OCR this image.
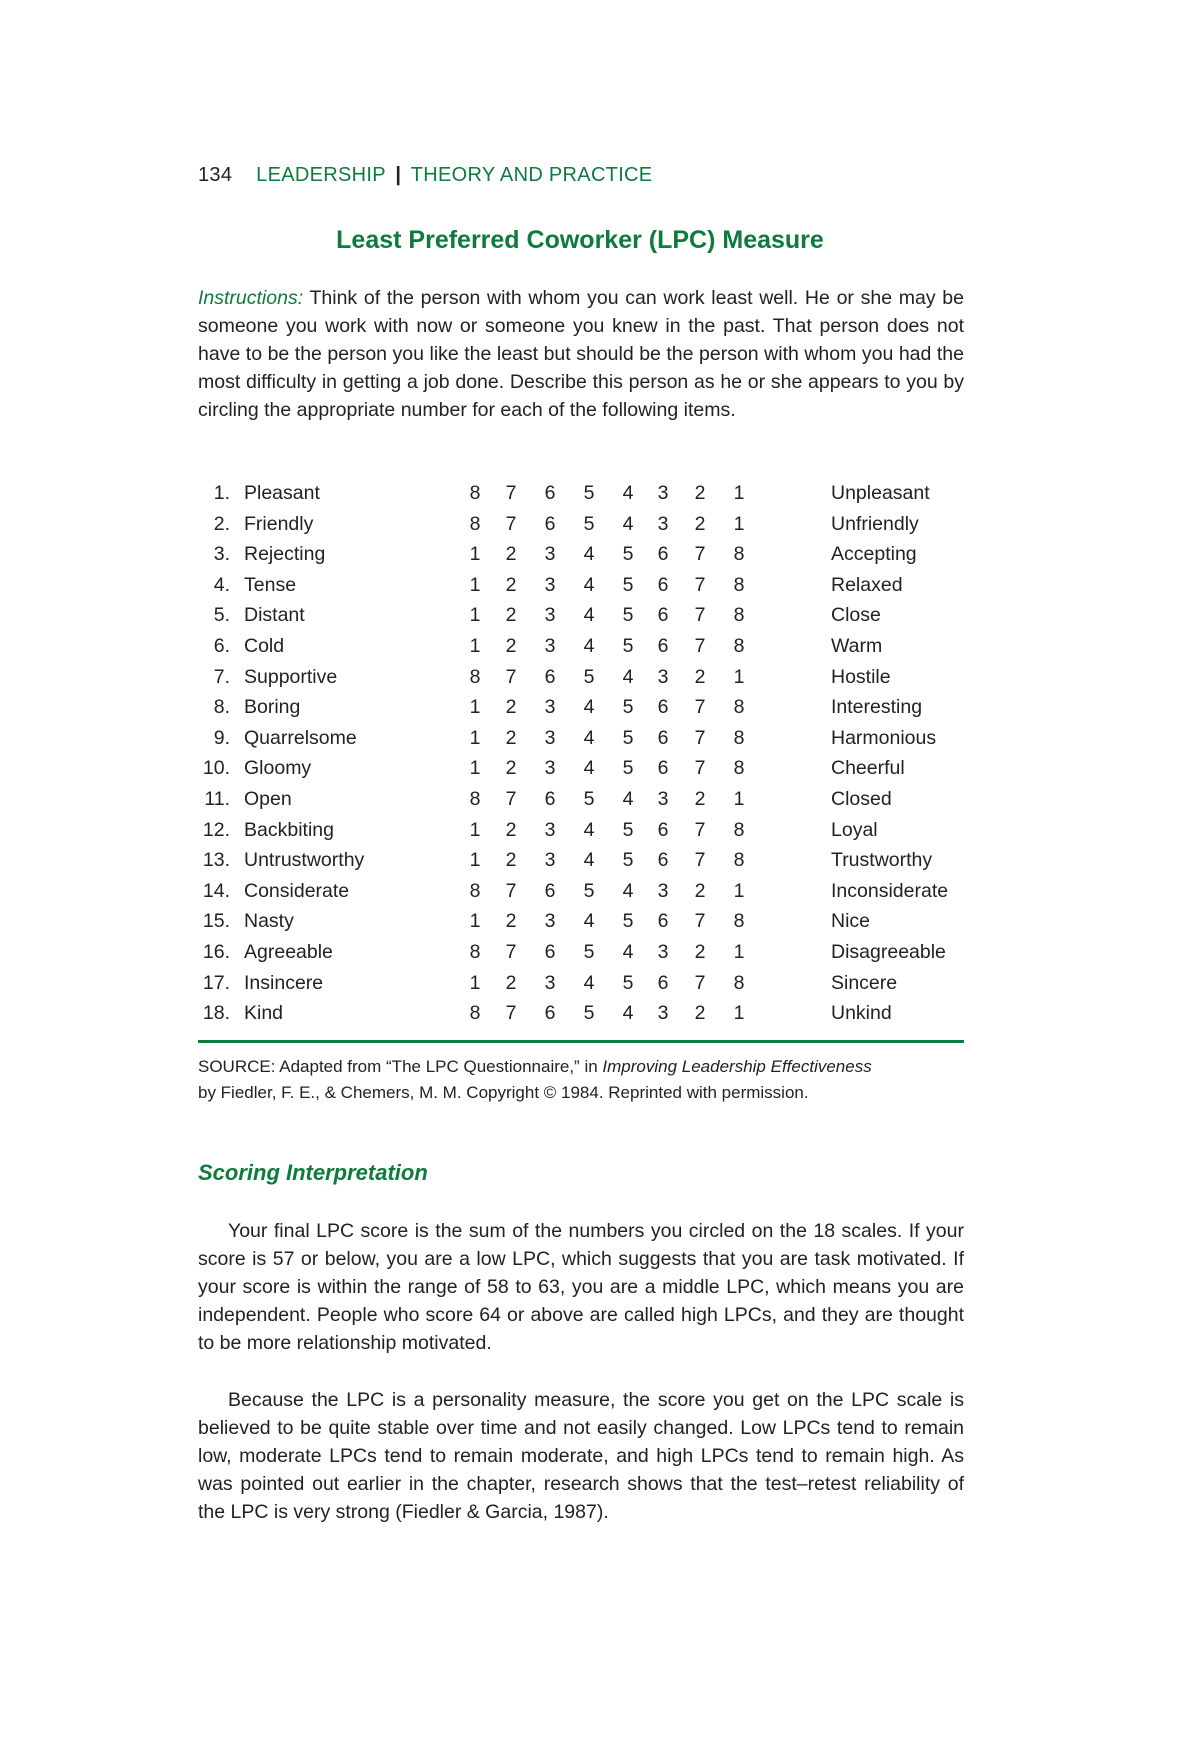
134 LEADERSHIP | THEORY AND PRACTICE
Least Preferred Coworker (LPC) Measure
Instructions: Think of the person with whom you can work least well. He or she may be someone you work with now or someone you knew in the past. That person does not have to be the person you like the least but should be the person with whom you had the most difficulty in getting a job done. Describe this person as he or she appears to you by circling the appropriate number for each of the following items.
1. Pleasant	8 7 6 5 4 3 2 1	Unpleasant
2. Friendly	8 7 6 5 4 3 2 1	Unfriendly
3. Rejecting	1 2 3 4 5 6 7 8	Accepting
4. Tense	1 2 3 4 5 6 7 8	Relaxed
5. Distant	1 2 3 4 5 6 7 8	Close
6. Cold	1 2 3 4 5 6 7 8	Warm
7. Supportive	8 7 6 5 4 3 2 1	Hostile
8. Boring	1 2 3 4 5 6 7 8	Interesting
9. Quarrelsome	1 2 3 4 5 6 7 8	Harmonious
10. Gloomy	1 2 3 4 5 6 7 8	Cheerful
11. Open	8 7 6 5 4 3 2 1	Closed
12. Backbiting	1 2 3 4 5 6 7 8	Loyal
13. Untrustworthy	1 2 3 4 5 6 7 8	Trustworthy
14. Considerate	8 7 6 5 4 3 2 1	Inconsiderate
15. Nasty	1 2 3 4 5 6 7 8	Nice
16. Agreeable	8 7 6 5 4 3 2 1	Disagreeable
17. Insincere	1 2 3 4 5 6 7 8	Sincere
18. Kind	8 7 6 5 4 3 2 1	Unkind
SOURCE: Adapted from “The LPC Questionnaire,” in Improving Leadership Effectiveness
by Fiedler, F. E., & Chemers, M. M. Copyright © 1984. Reprinted with permission.
Scoring Interpretation
Your final LPC score is the sum of the numbers you circled on the 18 scales. If your score is 57 or below, you are a low LPC, which suggests that you are task motivated. If your score is within the range of 58 to 63, you are a middle LPC, which means you are independent. People who score 64 or above are called high LPCs, and they are thought to be more relationship motivated.
Because the LPC is a personality measure, the score you get on the LPC scale is believed to be quite stable over time and not easily changed. Low LPCs tend to remain low, moderate LPCs tend to remain moderate, and high LPCs tend to remain high. As was pointed out earlier in the chapter, research shows that the test–retest reliability of the LPC is very strong (Fiedler & Garcia, 1987).
